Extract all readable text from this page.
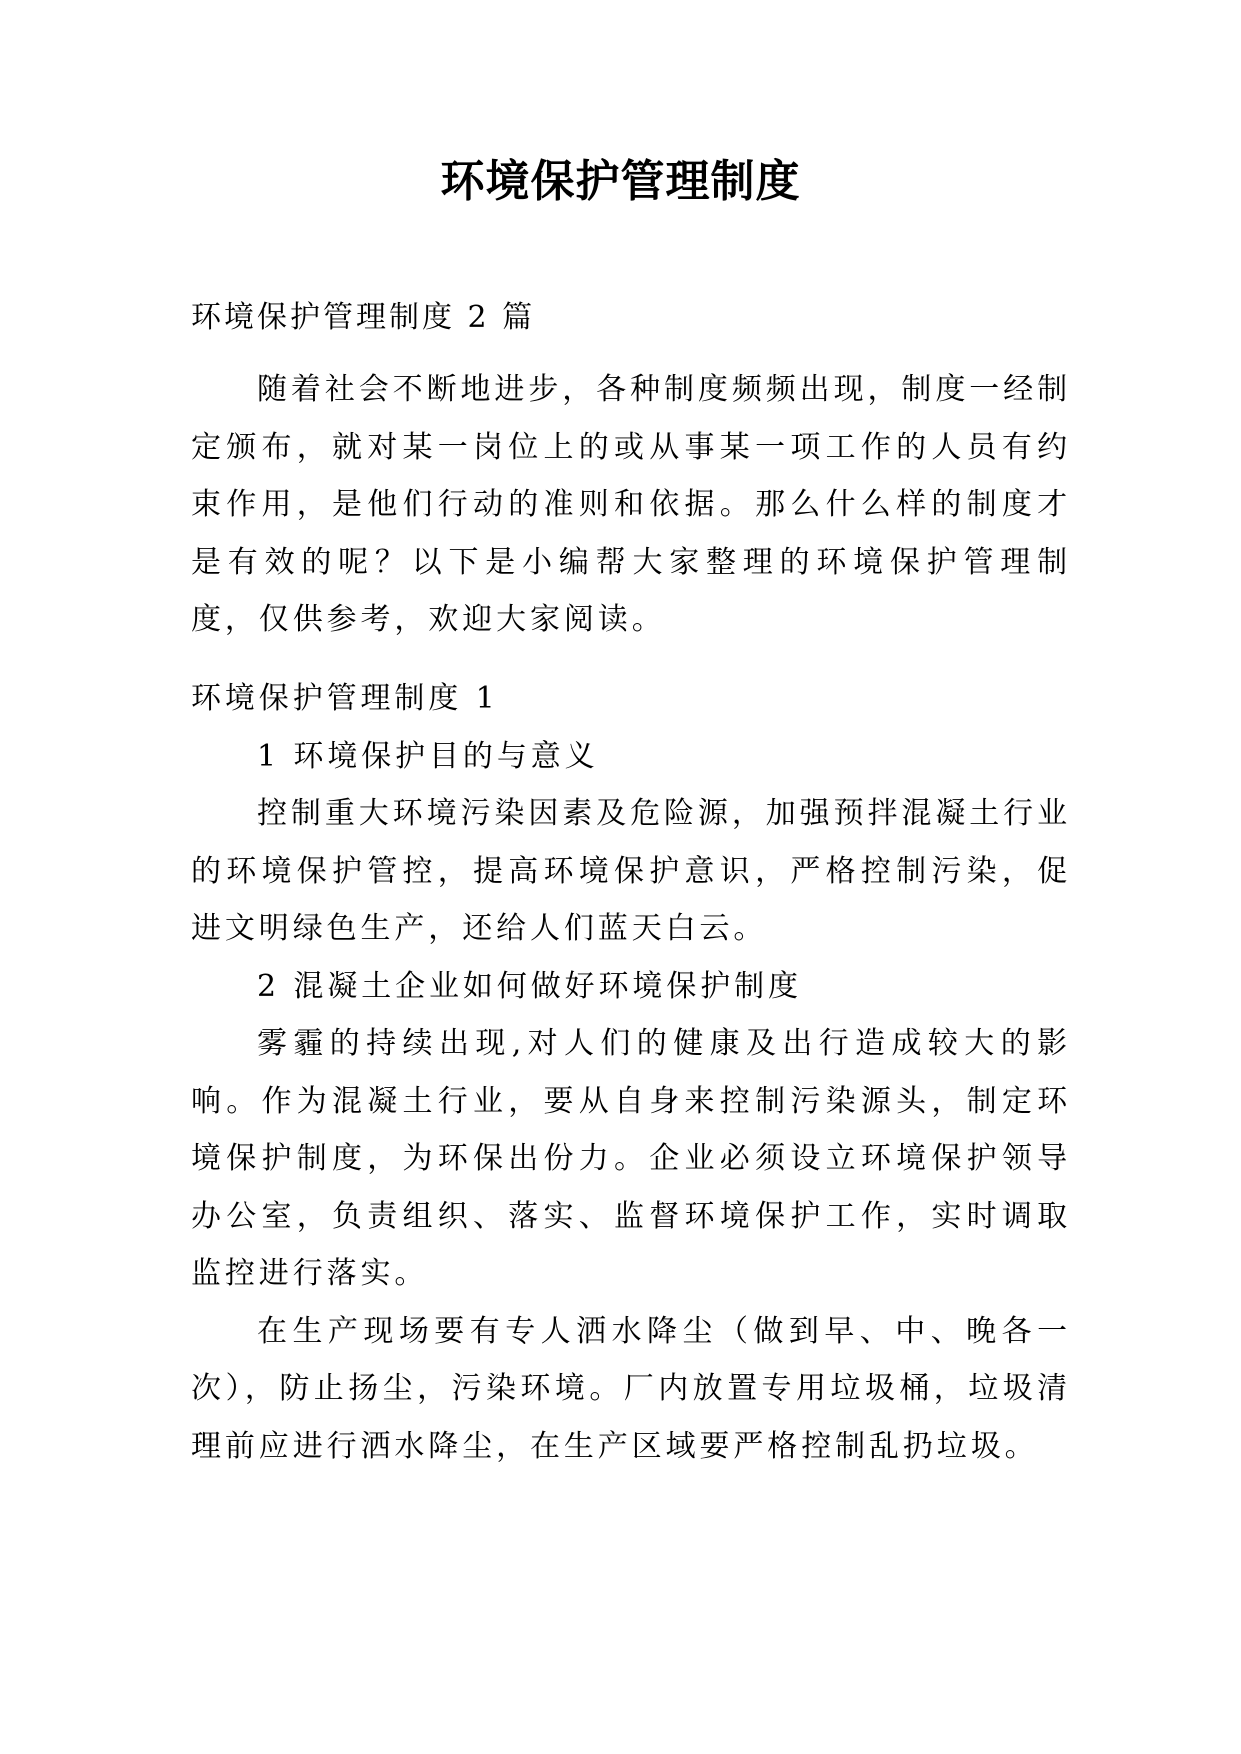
环境保护管理制度
环境保护管理制度 2 篇

随着社会不断地进步，各种制度频频出现，制度一经制定颁布，就对某一岗位上的或从事某一项工作的人员有约束作用，是他们行动的准则和依据。那么什么样的制度才是有效的呢？以下是小编帮大家整理的环境保护管理制度，仅供参考，欢迎大家阅读。

环境保护管理制度 1

1 环境保护目的与意义

控制重大环境污染因素及危险源，加强预拌混凝土行业的环境保护管控，提高环境保护意识，严格控制污染，促进文明绿色生产，还给人们蓝天白云。

2 混凝土企业如何做好环境保护制度

雾霾的持续出现,对人们的健康及出行造成较大的影响。作为混凝土行业，要从自身来控制污染源头，制定环境保护制度，为环保出份力。企业必须设立环境保护领导办公室，负责组织、落实、监督环境保护工作，实时调取监控进行落实。

在生产现场要有专人洒水降尘（做到早、中、晚各一次），防止扬尘，污染环境。厂内放置专用垃圾桶，垃圾清理前应进行洒水降尘，在生产区域要严格控制乱扔垃圾。
